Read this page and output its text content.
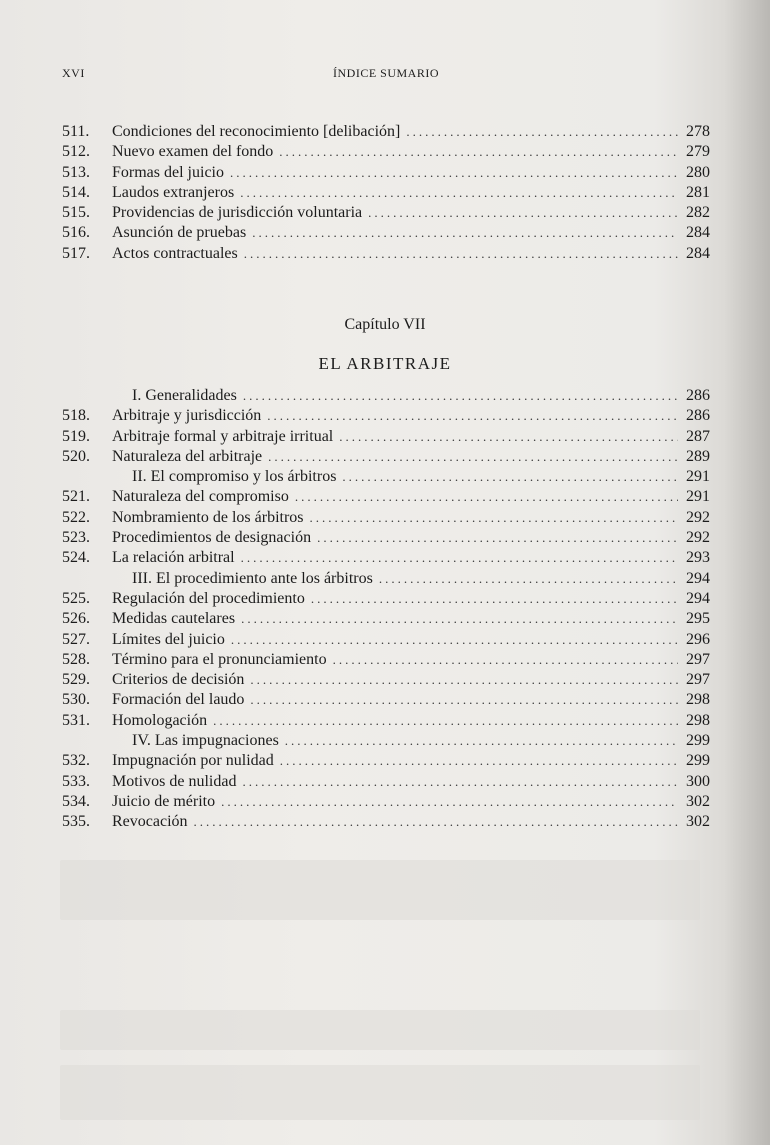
XVI	ÍNDICE SUMARIO
511.	Condiciones del reconocimiento [delibación] .....	278
512.	Nuevo examen del fondo .....	279
513.	Formas del juicio .....	280
514.	Laudos extranjeros .....	281
515.	Providencias de jurisdicción voluntaria .....	282
516.	Asunción de pruebas .....	284
517.	Actos contractuales .....	284
Capítulo VII
EL ARBITRAJE
I. Generalidades .....	286
518.	Arbitraje y jurisdicción .....	286
519.	Arbitraje formal y arbitraje irritual .....	287
520.	Naturaleza del arbitraje .....	289
II. El compromiso y los árbitros .....	291
521.	Naturaleza del compromiso .....	291
522.	Nombramiento de los árbitros .....	292
523.	Procedimientos de designación .....	292
524.	La relación arbitral .....	293
III. El procedimiento ante los árbitros .....	294
525.	Regulación del procedimiento .....	294
526.	Medidas cautelares .....	295
527.	Límites del juicio .....	296
528.	Término para el pronunciamiento .....	297
529.	Criterios de decisión .....	297
530.	Formación del laudo .....	298
531.	Homologación .....	298
IV. Las impugnaciones .....	299
532.	Impugnación por nulidad .....	299
533.	Motivos de nulidad .....	300
534.	Juicio de mérito .....	302
535.	Revocación .....	302
